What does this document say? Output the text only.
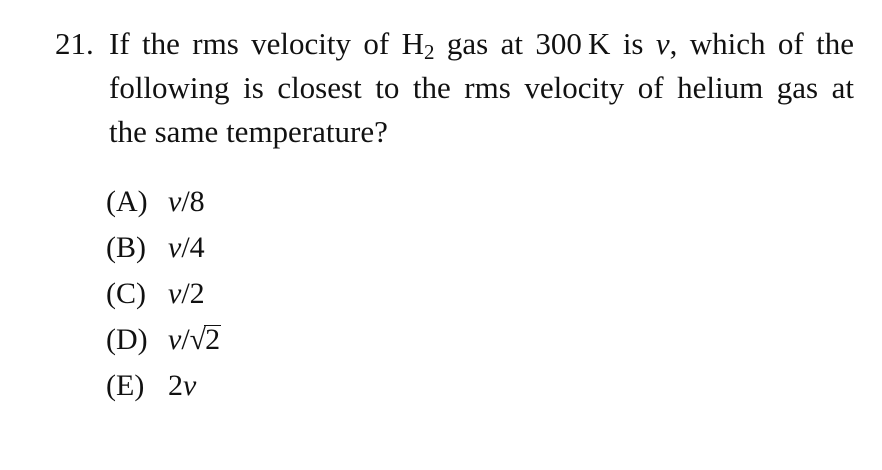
21. If the rms velocity of $H_2$ gas at 300 K is v, which of the
following is closest to the rms velocity of helium gas at
the same temperature?
(A) v/8
(B) v/4
(C) v/2
(D) v/√2
(E) 2v
